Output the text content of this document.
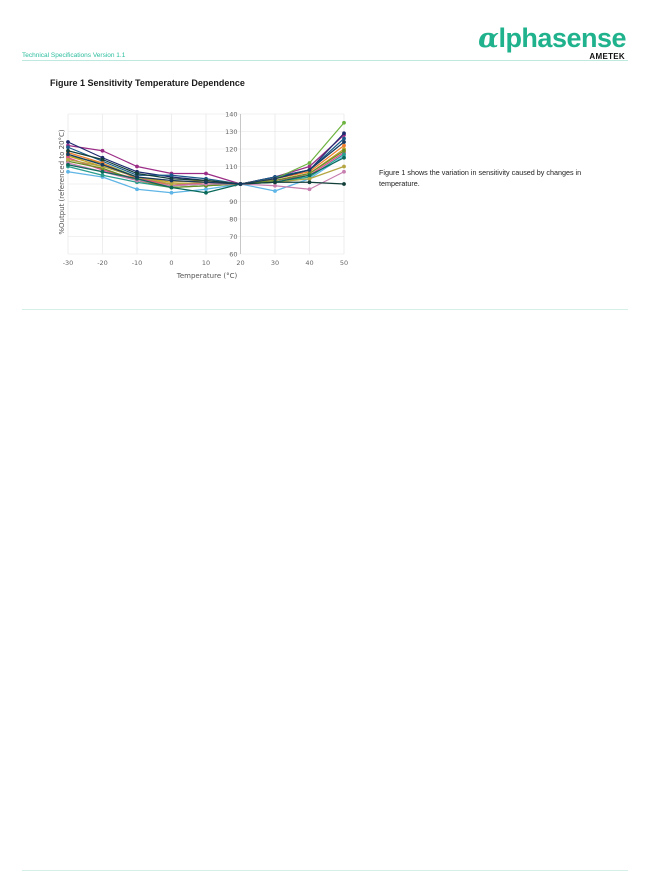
Technical Specifications Version 1.1
αlphasense
AMETEK
Figure 1 Sensitivity Temperature Dependence
60
70
80
90
100
110
120
130
140
-30	-20	-10	0	10	20	30	40	50
Temperature (°C)
%Output (referenced to 20°C)	Figure 1 shows the variation in sensitivity caused by changes in temperature.
